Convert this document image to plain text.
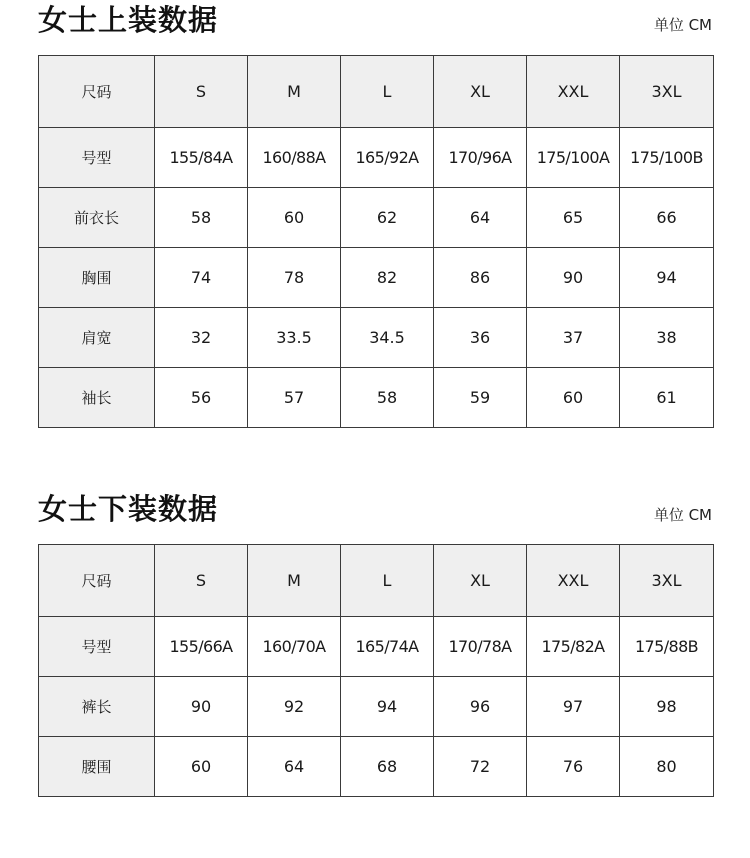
女士上装数据	单位 CM
尺码	S	M	L	XL	XXL	3XL
号型	155/84A	160/88A	165/92A	170/96A	175/100A	175/100B
前衣长	58	60	62	64	65	66
胸围	74	78	82	86	90	94
肩宽	32	33.5	34.5	36	37	38
袖长	56	57	58	59	60	61
女士下装数据	单位 CM
尺码	S	M	L	XL	XXL	3XL
号型	155/66A	160/70A	165/74A	170/78A	175/82A	175/88B
裤长	90	92	94	96	97	98
腰围	60	64	68	72	76	80
